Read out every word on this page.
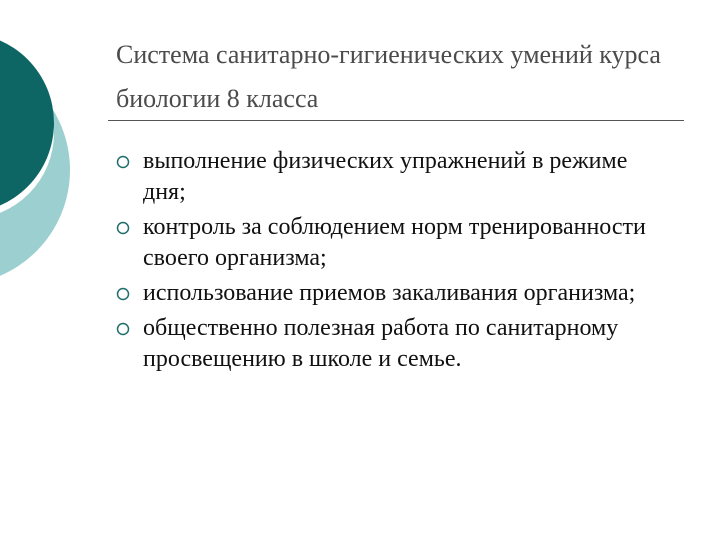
Система санитарно-гигиенических умений курса биологии 8 класса
выполнение физических упражнений в режиме дня;
контроль за соблюдением норм тренированности своего организма;
использование приемов закаливания организма;
общественно полезная работа по санитарному просвещению в школе и семье.
